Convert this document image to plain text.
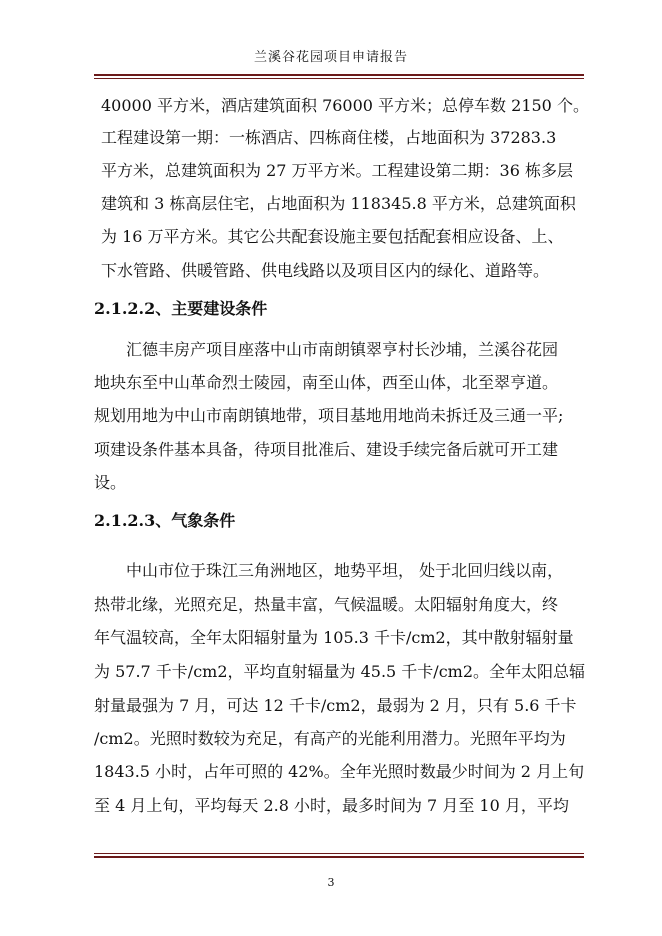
兰溪谷花园项目申请报告
40000 平方米，酒店建筑面积 76000 平方米；总停车数 2150 个。
工程建设第一期：一栋酒店、四栋商住楼，占地面积为 37283.3
平方米，总建筑面积为 27 万平方米。工程建设第二期：36 栋多层
建筑和 3 栋高层住宅，占地面积为 118345.8 平方米，总建筑面积
为 16 万平方米。其它公共配套设施主要包括配套相应设备、上、
下水管路、供暖管路、供电线路以及项目区内的绿化、道路等。
2.1.2.2、主要建设条件
汇德丰房产项目座落中山市南朗镇翠亨村长沙埔，兰溪谷花园
地块东至中山革命烈士陵园，南至山体，西至山体，北至翠亨道。
规划用地为中山市南朗镇地带，项目基地用地尚未拆迁及三通一平;
项建设条件基本具备，待项目批准后、建设手续完备后就可开工建
设。
2.1.2.3、气象条件
中山市位于珠江三角洲地区，地势平坦， 处于北回归线以南，
热带北缘，光照充足，热量丰富，气候温暖。太阳辐射角度大，终
年气温较高，全年太阳辐射量为 105.3 千卡/cm2，其中散射辐射量
为 57.7 千卡/cm2，平均直射辐量为 45.5 千卡/cm2。全年太阳总辐
射量最强为 7 月，可达 12 千卡/cm2，最弱为 2 月，只有 5.6 千卡
/cm2。光照时数较为充足，有高产的光能利用潜力。光照年平均为
1843.5 小时，占年可照的 42%。全年光照时数最少时间为 2 月上旬
至 4 月上旬，平均每天 2.8 小时，最多时间为 7 月至 10 月，平均
3
